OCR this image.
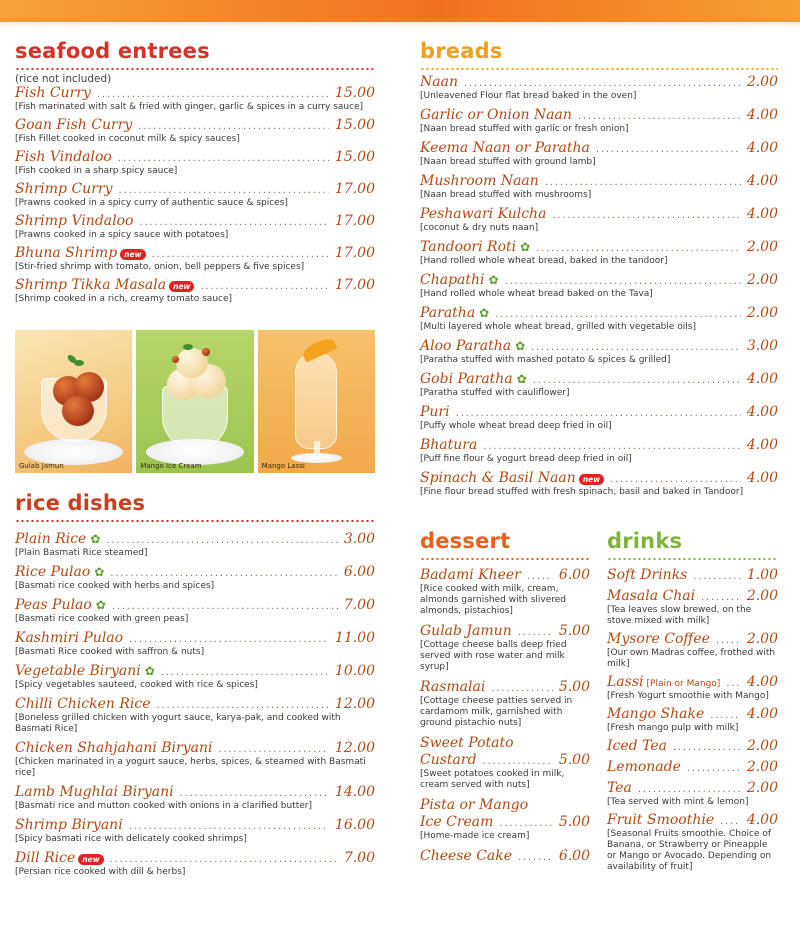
seafood entrees
(rice not included)
Fish Curry .....	15.00
[Fish marinated with salt & fried with ginger, garlic & spices in a curry sauce]
Goan Fish Curry .....	15.00
[Fish Fillet cooked in coconut milk & spicy sauces]
Fish Vindaloo .....	15.00
[Fish cooked in a sharp spicy sauce]
Shrimp Curry .....	17.00
[Prawns cooked in a spicy curry of authentic sauce & spices]
Shrimp Vindaloo .....	17.00
[Prawns cooked in a spicy sauce with potatoes]
Bhuna Shrimp new .....	17.00
[Stir-fried shrimp with tomato, onion, bell peppers & five spices]
Shrimp Tikka Masala new .....	17.00
[Shrimp cooked in a rich, creamy tomato sauce]
Gulab Jamun	Mango Ice Cream	Mango Lassi
rice dishes
Plain Rice ✿ .....	3.00
[Plain Basmati Rice steamed]
Rice Pulao ✿ .....	6.00
[Basmati rice cooked with herbs and spices]
Peas Pulao ✿ .....	7.00
[Basmati rice cooked with green peas]
Kashmiri Pulao .....	11.00
[Basmati Rice cooked with saffron & nuts]
Vegetable Biryani ✿ .....	10.00
[Spicy vegetables sauteed, cooked with rice & spices]
Chilli Chicken Rice .....	12.00
[Boneless grilled chicken with yogurt sauce, karya-pak, and cooked with Basmati Rice]
Chicken Shahjahani Biryani .....	12.00
[Chicken marinated in a yogurt sauce, herbs, spices, & steamed with Basmati rice]
Lamb Mughlai Biryani .....	14.00
[Basmati rice and mutton cooked with onions in a clarified butter]
Shrimp Biryani .....	16.00
[Spicy basmati rice with delicately cooked shrimps]
Dill Rice new .....	7.00
[Persian rice cooked with dill & herbs]
breads
Naan .....	2.00
[Unleavened Flour flat bread baked in the oven]
Garlic or Onion Naan .....	4.00
[Naan bread stuffed with garlic or fresh onion]
Keema Naan or Paratha .....	4.00
[Naan bread stuffed with ground lamb]
Mushroom Naan .....	4.00
[Naan bread stuffed with mushrooms]
Peshawari Kulcha .....	4.00
[coconut & dry nuts naan]
Tandoori Roti ✿ .....	2.00
[Hand rolled whole wheat bread, baked in the tandoor]
Chapathi ✿ .....	2.00
[Hand rolled whole wheat bread baked on the Tava]
Paratha ✿ .....	2.00
[Multi layered whole wheat bread, grilled with vegetable oils]
Aloo Paratha ✿ .....	3.00
[Paratha stuffed with mashed potato & spices & grilled]
Gobi Paratha ✿ .....	4.00
[Paratha stuffed with cauliflower]
Puri .....	4.00
[Puffy whole wheat bread deep fried in oil]
Bhatura .....	4.00
[Puff fine flour & yogurt bread deep fried in oil]
Spinach & Basil Naan new .....	4.00
[Fine flour bread stuffed with fresh spinach, basil and baked in Tandoor]
dessert
Badami Kheer .....	6.00
[Rice cooked with milk, cream, almonds garnished with slivered almonds, pistachios]
Gulab Jamun .....	5.00
[Cottage cheese balls deep fried served with rose water and milk syrup]
Rasmalai .....	5.00
[Cottage cheese patties served in cardamom milk, garnished with ground pistachio nuts]
Sweet Potato
Custard .....	5.00
[Sweet potatoes cooked in milk, cream served with nuts]
Pista or Mango
Ice Cream .....	5.00
[Home-made ice cream]
Cheese Cake .....	6.00
drinks
Soft Drinks .....	1.00
Masala Chai .....	2.00
[Tea leaves slow brewed, on the stove mixed with milk]
Mysore Coffee .....	2.00
[Our own Madras coffee, frothed with milk]
Lassi [Plain or Mango] ..... 4.00
[Fresh Yogurt smoothie with Mango]
Mango Shake .....	4.00
[Fresh mango pulp with milk]
Iced Tea .....	2.00
Lemonade .....	2.00
Tea .....	2.00
[Tea served with mint & lemon]
Fruit Smoothie ..... 4.00
[Seasonal Fruits smoothie. Choice of Banana, or Strawberry or Pineapple or Mango or Avocado. Depending on availability of fruit]
